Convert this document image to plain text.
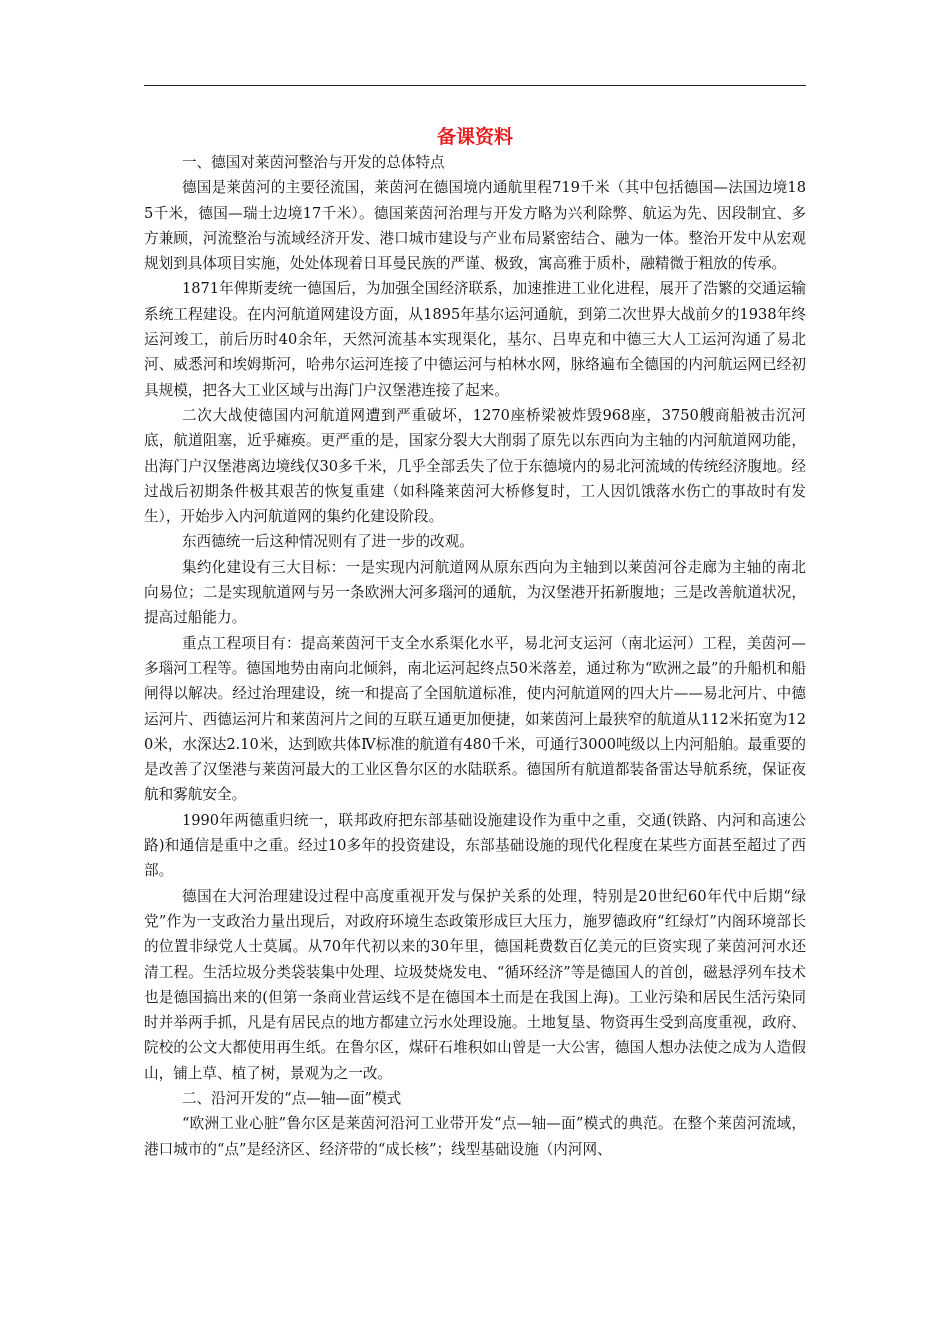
备课资料

一、德国对莱茵河整治与开发的总体特点

德国是莱茵河的主要径流国，莱茵河在德国境内通航里程719千米（其中包括德国—法国边境185千米，德国—瑞士边境17千米）。德国莱茵河治理与开发方略为兴利除弊、航运为先、因段制宜、多方兼顾，河流整治与流域经济开发、港口城市建设与产业布局紧密结合、融为一体。整治开发中从宏观规划到具体项目实施，处处体现着日耳曼民族的严谨、极致，寓高雅于质朴，融精微于粗放的传承。

1871年俾斯麦统一德国后，为加强全国经济联系，加速推进工业化进程，展开了浩繁的交通运输系统工程建设。在内河航道网建设方面，从1895年基尔运河通航，到第二次世界大战前夕的1938年终运河竣工，前后历时40余年，天然河流基本实现渠化，基尔、吕卑克和中德三大人工运河沟通了易北河、威悉河和埃姆斯河，哈弗尔运河连接了中德运河与柏林水网，脉络遍布全德国的内河航运网已经初具规模，把各大工业区域与出海门户汉堡港连接了起来。

二次大战使德国内河航道网遭到严重破坏，1270座桥梁被炸毁968座，3750艘商船被击沉河底，航道阻塞，近乎瘫痪。更严重的是，国家分裂大大削弱了原先以东西向为主轴的内河航道网功能，出海门户汉堡港离边境线仅30多千米，几乎全部丢失了位于东德境内的易北河流域的传统经济腹地。经过战后初期条件极其艰苦的恢复重建（如科隆莱茵河大桥修复时，工人因饥饿落水伤亡的事故时有发生），开始步入内河航道网的集约化建设阶段。

东西德统一后这种情况则有了进一步的改观。

集约化建设有三大目标：一是实现内河航道网从原东西向为主轴到以莱茵河谷走廊为主轴的南北向易位；二是实现航道网与另一条欧洲大河多瑙河的通航，为汉堡港开拓新腹地；三是改善航道状况，提高过船能力。

重点工程项目有：提高莱茵河干支全水系渠化水平，易北河支运河（南北运河）工程，美茵河—多瑙河工程等。德国地势由南向北倾斜，南北运河起终点50米落差，通过称为“欧洲之最”的升船机和船闸得以解决。经过治理建设，统一和提高了全国航道标准，使内河航道网的四大片——易北河片、中德运河片、西德运河片和莱茵河片之间的互联互通更加便捷，如莱茵河上最狭窄的航道从112米拓宽为120米，水深达2.10米，达到欧共体Ⅳ标准的航道有480千米，可通行3000吨级以上内河船舶。最重要的是改善了汉堡港与莱茵河最大的工业区鲁尔区的水陆联系。德国所有航道都装备雷达导航系统，保证夜航和雾航安全。

1990年两德重归统一，联邦政府把东部基础设施建设作为重中之重，交通(铁路、内河和高速公路)和通信是重中之重。经过10多年的投资建设，东部基础设施的现代化程度在某些方面甚至超过了西部。

德国在大河治理建设过程中高度重视开发与保护关系的处理，特别是20世纪60年代中后期“绿党”作为一支政治力量出现后，对政府环境生态政策形成巨大压力，施罗德政府“红绿灯”内阁环境部长的位置非绿党人士莫属。从70年代初以来的30年里，德国耗费数百亿美元的巨资实现了莱茵河河水还清工程。生活垃圾分类袋装集中处理、垃圾焚烧发电、“循环经济”等是德国人的首创，磁悬浮列车技术也是德国搞出来的(但第一条商业营运线不是在德国本土而是在我国上海)。工业污染和居民生活污染同时并举两手抓，凡是有居民点的地方都建立污水处理设施。土地复垦、物资再生受到高度重视，政府、院校的公文大都使用再生纸。在鲁尔区，煤矸石堆积如山曾是一大公害，德国人想办法使之成为人造假山，铺上草、植了树，景观为之一改。

二、沿河开发的“点—轴—面”模式

“欧洲工业心脏”鲁尔区是莱茵河沿河工业带开发“点—轴—面”模式的典范。在整个莱茵河流域，港口城市的“点”是经济区、经济带的“成长核”；线型基础设施（内河网、
